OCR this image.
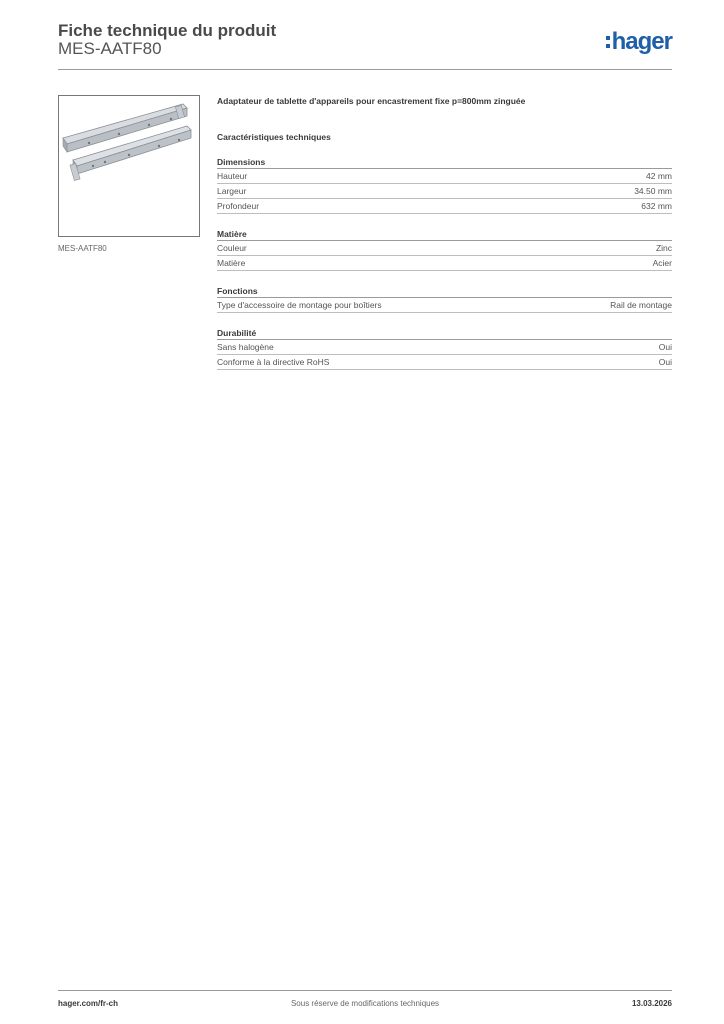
Fiche technique du produit
MES-AATF80	hager
MES-AATF80
Adaptateur de tablette d'appareils pour encastrement fixe p=800mm zinguée
Caractéristiques techniques
Dimensions
Hauteur	42 mm
Largeur	34.50 mm
Profondeur	632 mm
Matière
Couleur	Zinc
Matière	Acier
Fonctions
Type d'accessoire de montage pour boîtiers	Rail de montage
Durabilité
Sans halogène	Oui
Conforme à la directive RoHS	Oui
Sous réserve de modifications techniques
hager.com/fr-ch	13.03.2026
